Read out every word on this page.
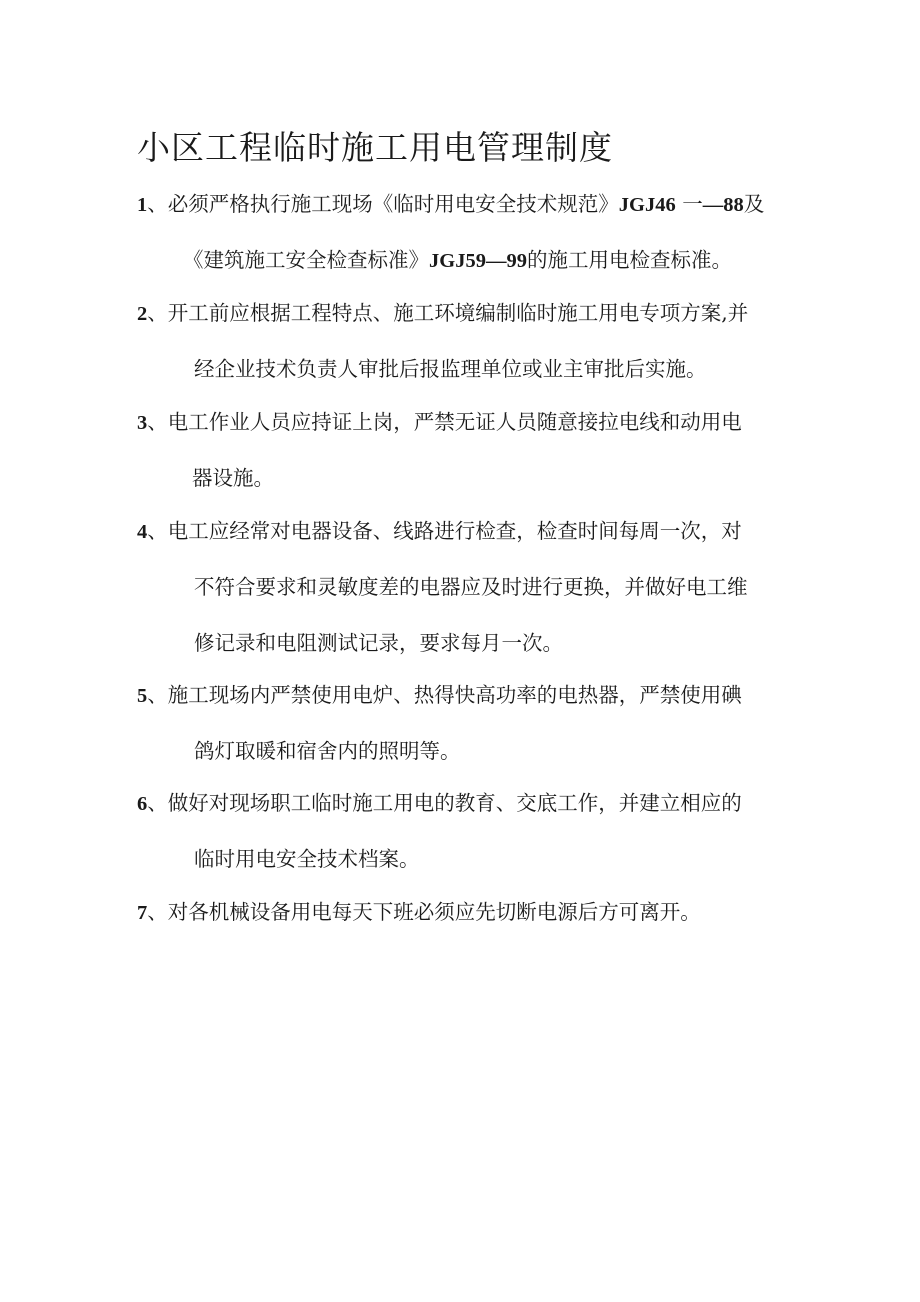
小区工程临时施工用电管理制度
1、必须严格执行施工现场《临时用电安全技术规范》JGJ46 一—88及
《建筑施工安全检查标准》JGJ59—99的施工用电检查标准。
2、开工前应根据工程特点、施工环境编制临时施工用电专项方案,并
经企业技术负责人审批后报监理单位或业主审批后实施。
3、电工作业人员应持证上岗，严禁无证人员随意接拉电线和动用电
器设施。
4、电工应经常对电器设备、线路进行检查，检查时间每周一次，对
不符合要求和灵敏度差的电器应及时进行更换，并做好电工维
修记录和电阻测试记录，要求每月一次。
5、施工现场内严禁使用电炉、热得快高功率的电热器，严禁使用碘
鸽灯取暖和宿舍内的照明等。
6、做好对现场职工临时施工用电的教育、交底工作，并建立相应的
临时用电安全技术档案。
7、对各机械设备用电每天下班必须应先切断电源后方可离开。
